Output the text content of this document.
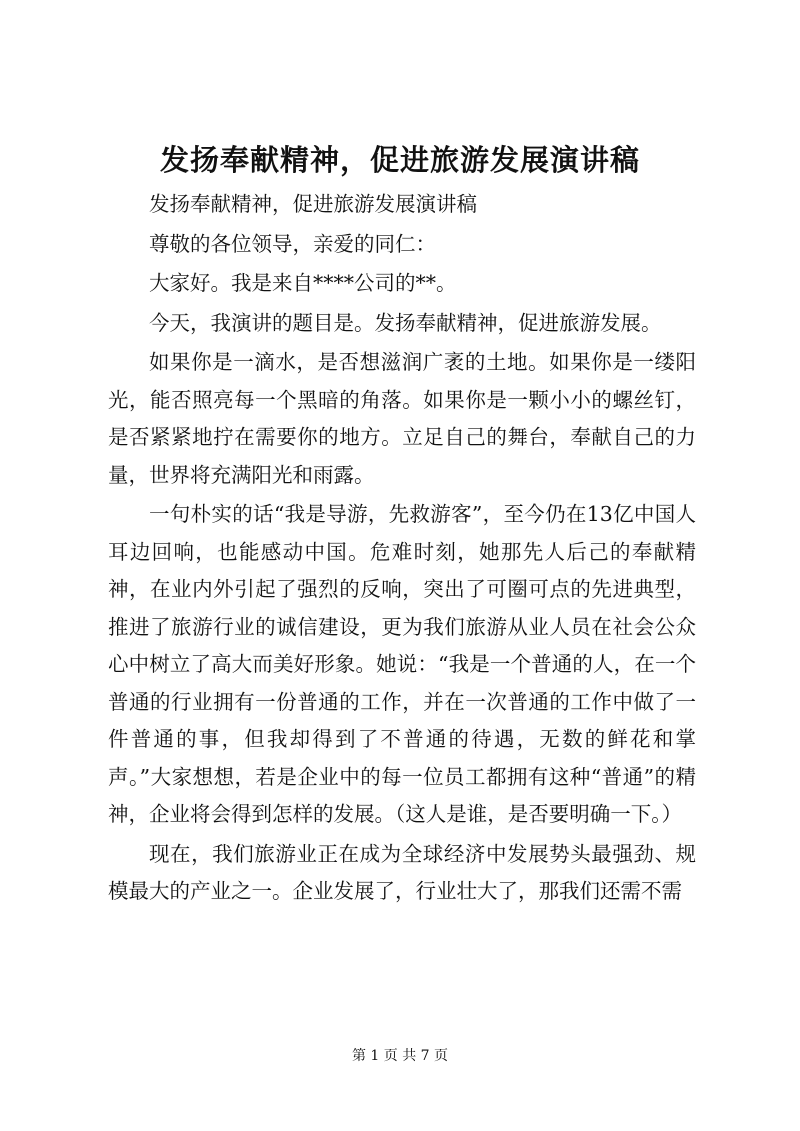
发扬奉献精神，促进旅游发展演讲稿

发扬奉献精神，促进旅游发展演讲稿

尊敬的各位领导，亲爱的同仁：

大家好。我是来自****公司的**。

今天，我演讲的题目是。发扬奉献精神，促进旅游发展。

如果你是一滴水，是否想滋润广袤的土地。如果你是一缕阳光，能否照亮每一个黑暗的角落。如果你是一颗小小的螺丝钉，是否紧紧地拧在需要你的地方。立足自己的舞台，奉献自己的力量，世界将充满阳光和雨露。

一句朴实的话“我是导游，先救游客”，至今仍在13亿中国人耳边回响，也能感动中国。危难时刻，她那先人后己的奉献精神，在业内外引起了强烈的反响，突出了可圈可点的先进典型，推进了旅游行业的诚信建设，更为我们旅游从业人员在社会公众心中树立了高大而美好形象。她说：“我是一个普通的人，在一个普通的行业拥有一份普通的工作，并在一次普通的工作中做了一件普通的事，但我却得到了不普通的待遇，无数的鲜花和掌声。”大家想想，若是企业中的每一位员工都拥有这种“普通”的精神，企业将会得到怎样的发展。（这人是谁，是否要明确一下。）

现在，我们旅游业正在成为全球经济中发展势头最强劲、规模最大的产业之一。企业发展了，行业壮大了，那我们还需不需

第 1 页 共 7 页
